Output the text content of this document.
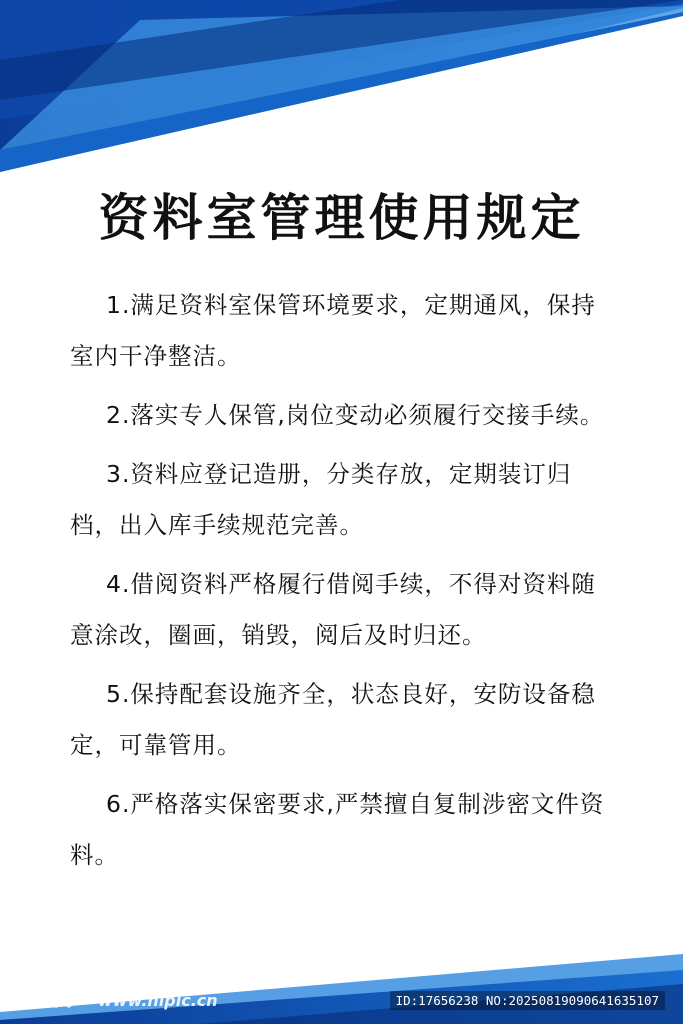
资料室管理使用规定

1.满足资料室保管环境要求，定期通风，保持室内干净整洁。

2.落实专人保管,岗位变动必须履行交接手续。

3.资料应登记造册，分类存放，定期装订归档，出入库手续规范完善。

4.借阅资料严格履行借阅手续，不得对资料随意涂改，圈画，销毁，阅后及时归还。

5.保持配套设施齐全，状态良好，安防设备稳定，可靠管用。

6.严格落实保密要求,严禁擅自复制涉密文件资料。

昵享网 www.nipic.cn	ID:17656238 NO:20250819090641635107
